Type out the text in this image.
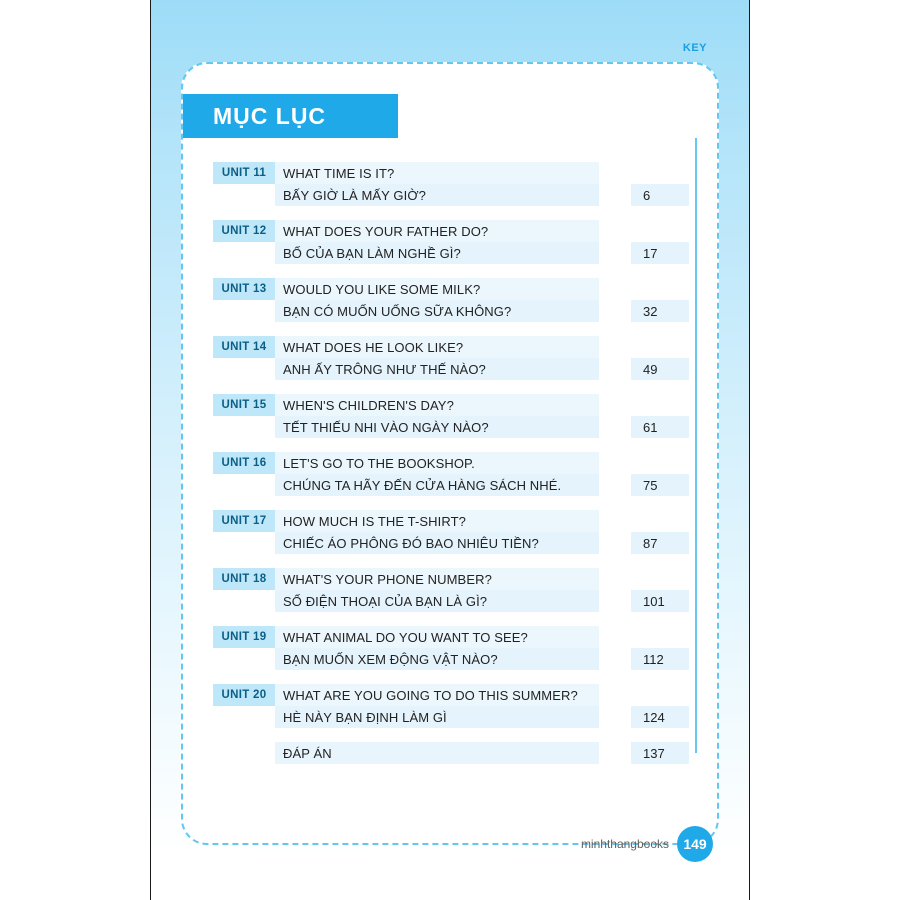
KEY
MỤC LỤC
UNIT 11	WHAT TIME IS IT?
BẤY GIỜ LÀ MẤY GIỜ?	6
UNIT 12	WHAT DOES YOUR FATHER DO?
BỐ CỦA BẠN LÀM NGHỀ GÌ?	17
UNIT 13	WOULD YOU LIKE SOME MILK?
BẠN CÓ MUỐN UỐNG SỮA KHÔNG?	32
UNIT 14	WHAT DOES HE LOOK LIKE?
ANH ẤY TRÔNG NHƯ THẾ NÀO?	49
UNIT 15	WHEN'S CHILDREN'S DAY?
TẾT THIẾU NHI VÀO NGÀY NÀO?	61
UNIT 16	LET'S GO TO THE BOOKSHOP.
CHÚNG TA HÃY ĐẾN CỬA HÀNG SÁCH NHÉ.	75
UNIT 17	HOW MUCH IS THE T-SHIRT?
CHIẾC ÁO PHÔNG ĐÓ BAO NHIÊU TIỀN?	87
UNIT 18	WHAT'S YOUR PHONE NUMBER?
SỐ ĐIỆN THOẠI CỦA BẠN LÀ GÌ?	101
UNIT 19	WHAT ANIMAL DO YOU WANT TO SEE?
BẠN MUỐN XEM ĐỘNG VẬT NÀO?	112
UNIT 20	WHAT ARE YOU GOING TO DO THIS SUMMER?
HÈ NÀY BẠN ĐỊNH LÀM GÌ	124
ĐÁP ÁN	137
minhthangbooks	149
